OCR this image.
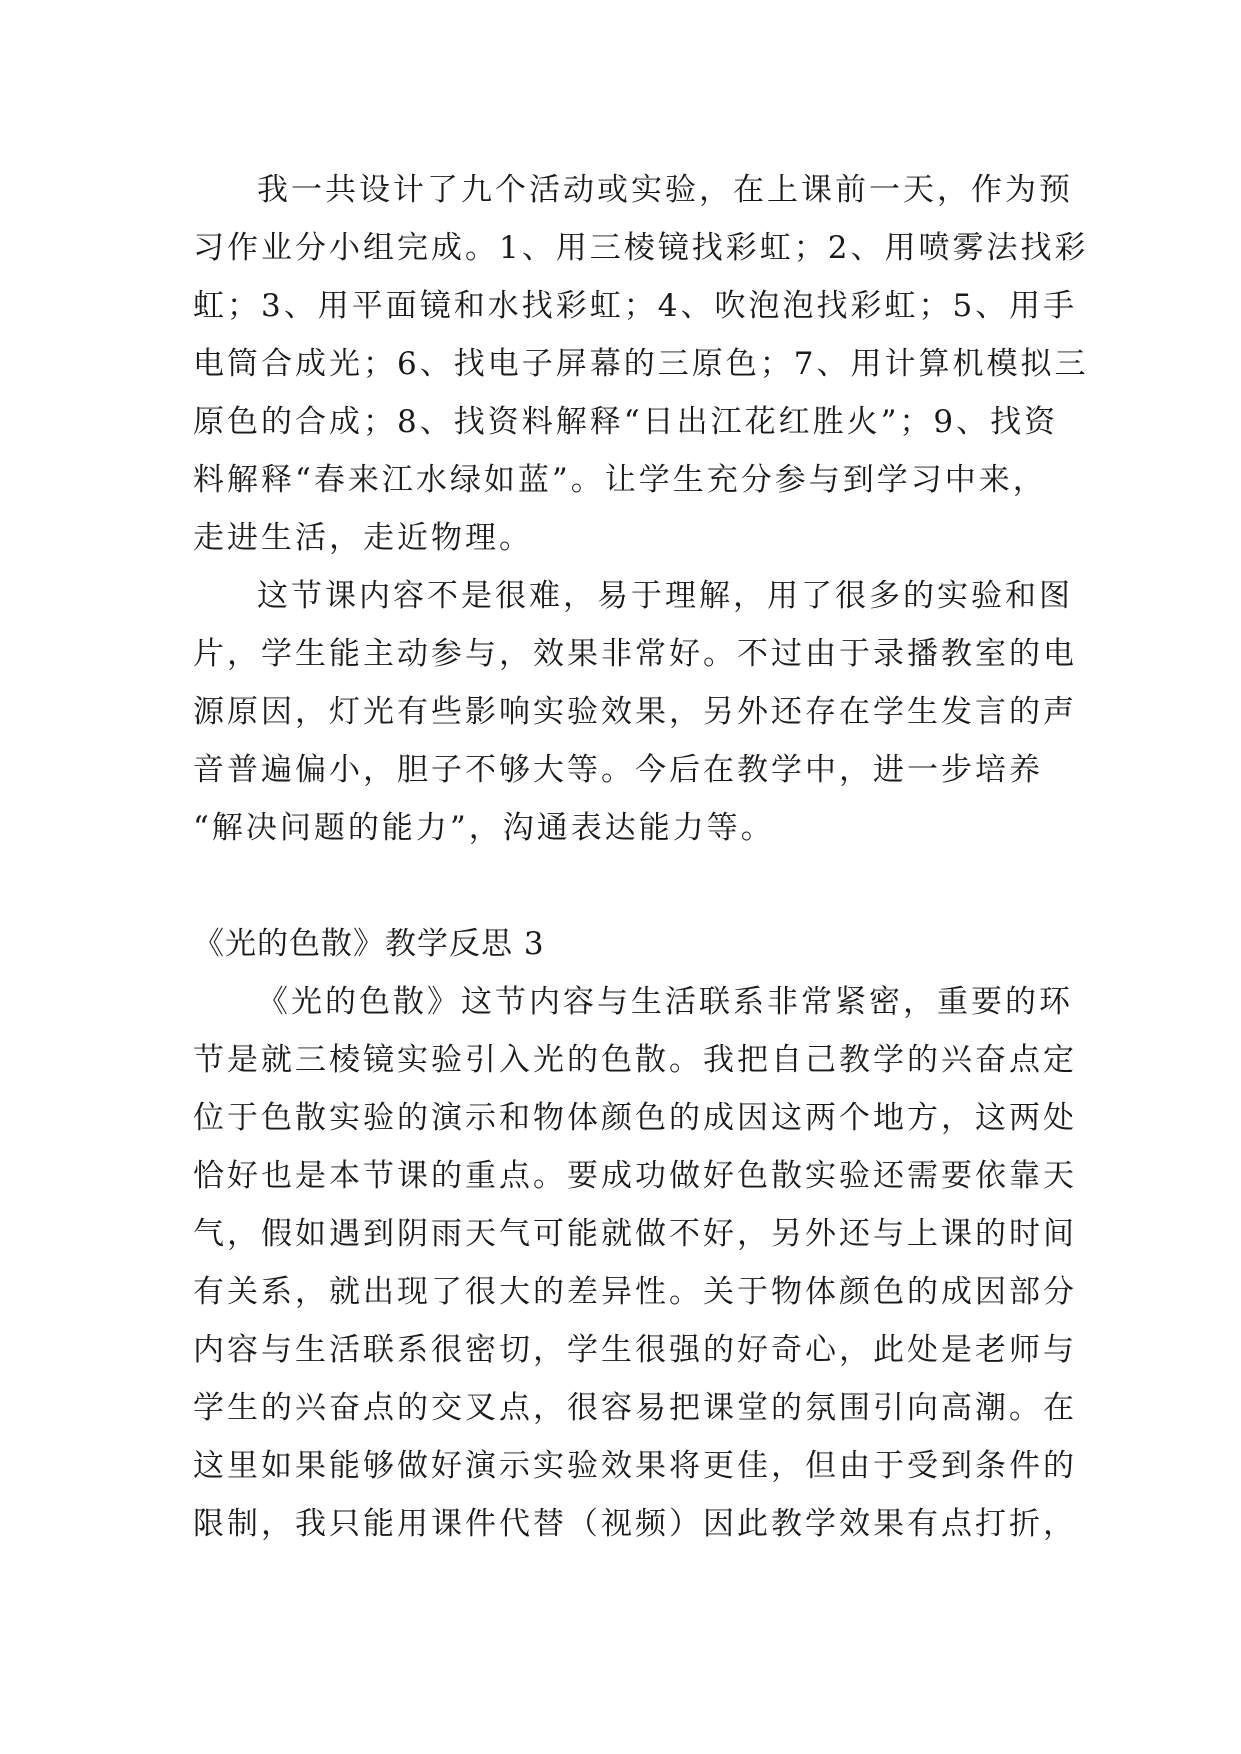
我一共设计了九个活动或实验，在上课前一天，作为预
习作业分小组完成。1、用三棱镜找彩虹；2、用喷雾法找彩
虹；3、用平面镜和水找彩虹；4、吹泡泡找彩虹；5、用手
电筒合成光；6、找电子屏幕的三原色；7、用计算机模拟三
原色的合成；8、找资料解释“日出江花红胜火”；9、找资
料解释“春来江水绿如蓝”。让学生充分参与到学习中来，
走进生活，走近物理。
这节课内容不是很难，易于理解，用了很多的实验和图
片，学生能主动参与，效果非常好。不过由于录播教室的电
源原因，灯光有些影响实验效果，另外还存在学生发言的声
音普遍偏小，胆子不够大等。今后在教学中，进一步培养
“解决问题的能力”，沟通表达能力等。
《光的色散》教学反思 3
《光的色散》这节内容与生活联系非常紧密，重要的环
节是就三棱镜实验引入光的色散。我把自己教学的兴奋点定
位于色散实验的演示和物体颜色的成因这两个地方，这两处
恰好也是本节课的重点。要成功做好色散实验还需要依靠天
气，假如遇到阴雨天气可能就做不好，另外还与上课的时间
有关系，就出现了很大的差异性。关于物体颜色的成因部分
内容与生活联系很密切，学生很强的好奇心，此处是老师与
学生的兴奋点的交叉点，很容易把课堂的氛围引向高潮。在
这里如果能够做好演示实验效果将更佳，但由于受到条件的
限制，我只能用课件代替（视频）因此教学效果有点打折，
